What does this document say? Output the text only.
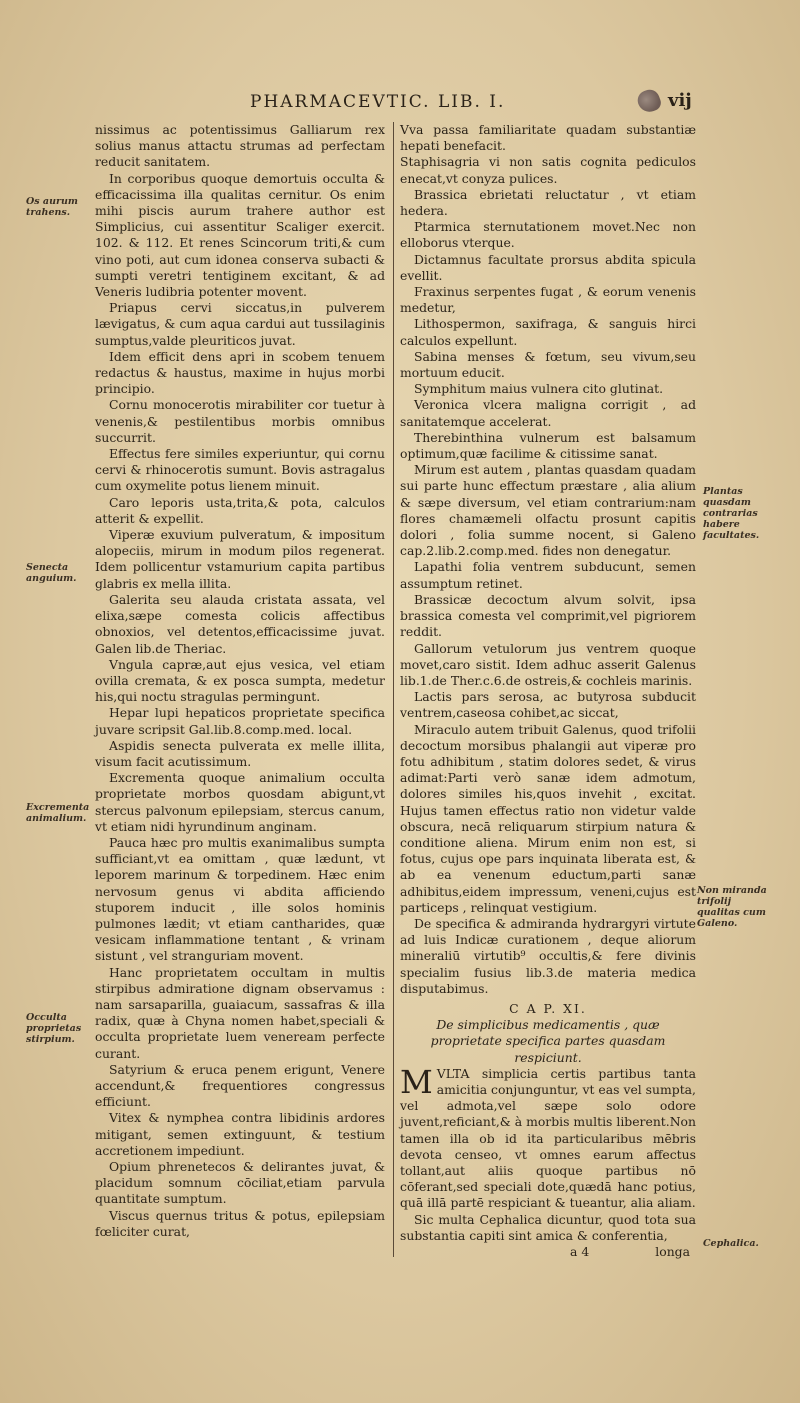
PHARMACEVTIC. LIB. I.	vij
Os aurum trahens.
Senecta anguium.
Excrementa animalium.
Occulta proprietas stirpium.
Plantas quasdam contrarias habere facultates.
Non miranda trifolij qualitas cum Galeno.
Cephalica.

nissimus ac potentissimus Galliarum rex solius manus attactu strumas ad perfectam reducit sanitatem.

In corporibus quoque demortuis occulta & efficacissima illa qualitas cernitur. Os enim mihi piscis aurum trahere author est Simplicius, cui assentitur Scaliger exercit. 102. & 112. Et renes Scincorum triti,& cum vino poti, aut cum idonea conserva subacti & sumpti veretri tentiginem excitant, & ad Veneris ludibria potenter movent.

Priapus cervi siccatus,in pulverem lævigatus, & cum aqua cardui aut tussilaginis sumptus,valde pleuriticos juvat.

Idem efficit dens apri in scobem tenuem redactus & haustus, maxime in hujus morbi principio.

Cornu monocerotis mirabiliter cor tuetur à venenis,& pestilentibus morbis omnibus succurrit.

Effectus fere similes experiuntur, qui cornu cervi & rhinocerotis sumunt. Bovis astragalus cum oxymelite potus lienem minuit.

Caro leporis usta,trita,& pota, calculos atterit & expellit.

Viperæ exuvium pulveratum, & impositum alopeciis, mirum in modum pilos regenerat. Idem pollicentur vstamurium capita partibus glabris ex mella illita.

Galerita seu alauda cristata assata, vel elixa,sæpe comesta colicis affectibus obnoxios, vel detentos,efficacissime juvat. Galen lib.de Theriac.

Vngula capræ,aut ejus vesica, vel etiam ovilla cremata, & ex posca sumpta, medetur his,qui noctu stragulas permingunt.

Hepar lupi hepaticos proprietate specifica juvare scripsit Gal.lib.8.comp.med. local.

Aspidis senecta pulverata ex melle illita, visum facit acutissimum.

Excrementa quoque animalium occulta proprietate morbos quosdam abigunt,vt stercus palvonum epilepsiam, stercus canum, vt etiam nidi hyrundinum anginam.

Pauca hæc pro multis exanimalibus sumpta sufficiant,vt ea omittam , quæ lædunt, vt leporem marinum & torpedinem. Hæc enim nervosum genus vi abdita afficiendo stuporem inducit , ille solos hominis pulmones lædit; vt etiam cantharides, quæ vesicam inflammatione tentant , & vrinam sistunt , vel stranguriam movent.

Hanc proprietatem occultam in multis stirpibus admiratione dignam observamus : nam sarsaparilla, guaiacum, sassafras & illa radix, quæ à Chyna nomen habet,speciali & occulta proprietate luem veneream perfecte curant.

Satyrium & eruca penem erigunt, Venere accendunt,& frequentiores congressus efficiunt.

Vitex & nymphea contra libidinis ardores mitigant, semen extinguunt, & testium accretionem impediunt.

Opium phrenetecos & delirantes juvat, & placidum somnum cōciliat,etiam parvula quantitate sumptum.

Viscus quernus tritus & potus, epilepsiam fœliciter curat,

Vva passa familiaritate quadam substantiæ hepati benefacit.

Staphisagria vi non satis cognita pediculos enecat,vt conyza pulices.

Brassica ebrietati reluctatur , vt etiam hedera.

Ptarmica sternutationem movet.Nec non elloborus vterque.

Dictamnus facultate prorsus abdita spicula evellit.

Fraxinus serpentes fugat , & eorum venenis medetur,

Lithospermon, saxifraga, & sanguis hirci calculos expellunt.

Sabina menses & fœtum, seu vivum,seu mortuum educit.

Symphitum maius vulnera cito glutinat.

Veronica vlcera maligna corrigit , ad sanitatemque accelerat.

Therebinthina vulnerum est balsamum optimum,quæ facilime & citissime sanat.

Mirum est autem , plantas quasdam quadam sui parte hunc effectum præstare , alia alium & sæpe diversum, vel etiam contrarium:nam flores chamæmeli olfactu prosunt capitis dolori , folia summe nocent, si Galeno cap.2.lib.2.comp.med. fides non denegatur.

Lapathi folia ventrem subducunt, semen assumptum retinet.

Brassicæ decoctum alvum solvit, ipsa brassica comesta vel comprimit,vel pigriorem reddit.

Gallorum vetulorum jus ventrem quoque movet,caro sistit. Idem adhuc asserit Galenus lib.1.de Ther.c.6.de ostreis,& cochleis marinis.

Lactis pars serosa, ac butyrosa subducit ventrem,caseosa cohibet,ac siccat,

Miraculo autem tribuit Galenus, quod trifolii decoctum morsibus phalangii aut viperæ pro fotu adhibitum , statim dolores sedet, & virus adimat:Parti verò sanæ idem admotum, dolores similes his,quos invehit , excitat. Hujus tamen effectus ratio non videtur valde obscura, necā reliquarum stirpium natura & conditione aliena. Mirum enim non est, si fotus, cujus ope pars inquinata liberata est, & ab ea venenum eductum,parti sanæ adhibitus,eidem impressum, veneni,cujus est particeps , relinquat vestigium.

De specifica & admiranda hydrargyri virtute ad luis Indicæ curationem , deque aliorum mineraliū virtutib⁹ occultis,& fere divinis specialim fusius lib.3.de materia medica disputabimus.

C A P. XI.

De simplicibus medicamentis , quæ proprietate specifica partes quasdam respiciunt.

MVLTA simplicia certis partibus tanta amicitia conjunguntur, vt eas vel sumpta, vel admota,vel sæpe solo odore juvent,reficiant,& à morbis multis liberent.Non tamen illa ob id ita particularibus mēbris devota censeo, vt omnes earum affectus tollant,aut aliis quoque partibus nō cōferant,sed speciali dote,quædā hanc potius, quā illā partē respiciant & tueantur, alia aliam.

Sic multa Cephalica dicuntur, quod tota sua substantia capiti sint amica & conferentia,

a 4	longa
